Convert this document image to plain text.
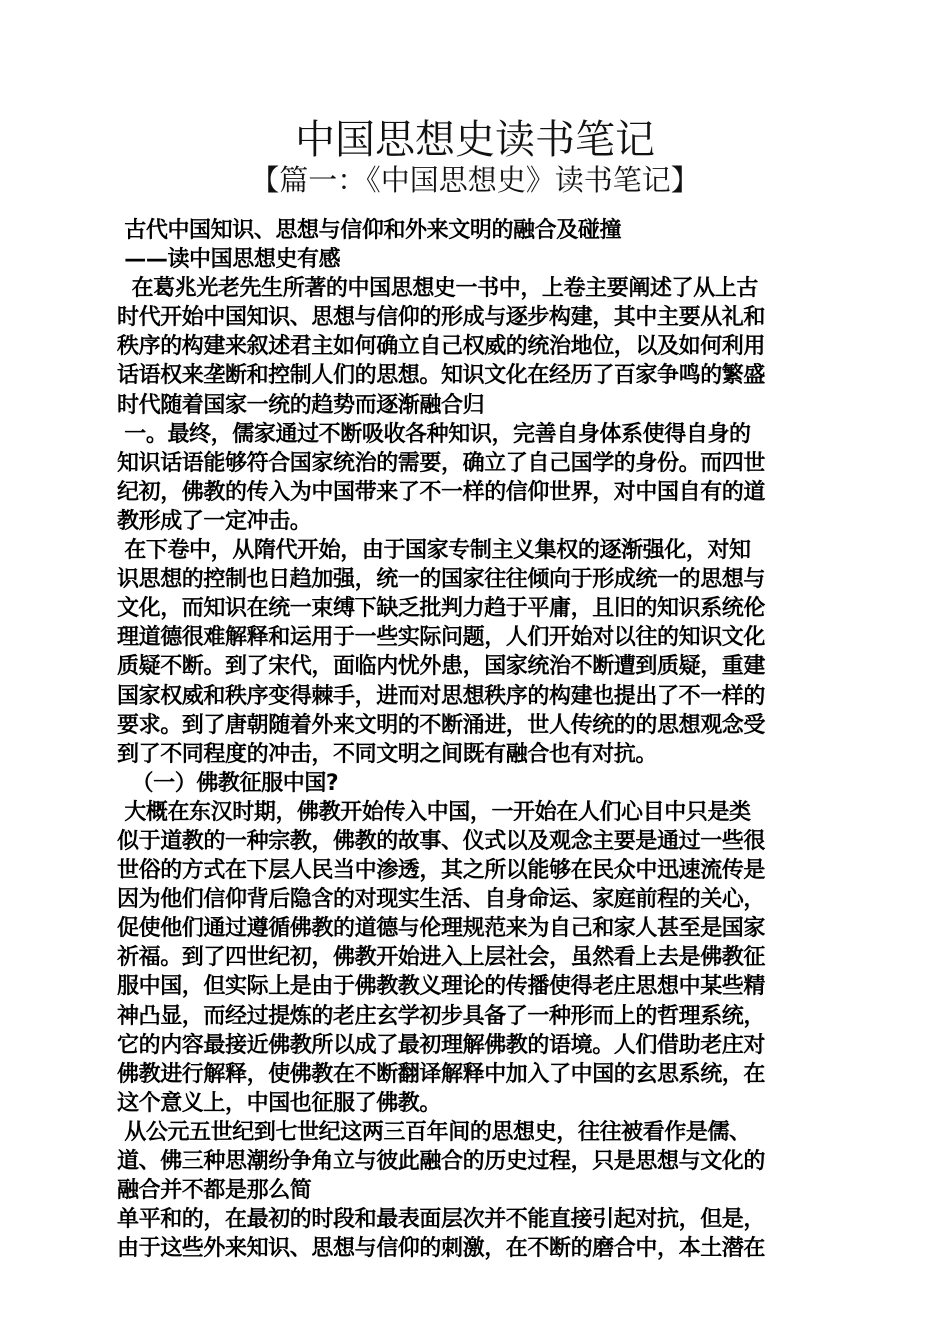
中国思想史读书笔记
【篇一：《中国思想史》读书笔记】
古代中国知识、思想与信仰和外来文明的融合及碰撞
——读中国思想史有感
在葛兆光老先生所著的中国思想史一书中，上卷主要阐述了从上古
时代开始中国知识、思想与信仰的形成与逐步构建，其中主要从礼和
秩序的构建来叙述君主如何确立自己权威的统治地位，以及如何利用
话语权来垄断和控制人们的思想。知识文化在经历了百家争鸣的繁盛
时代随着国家一统的趋势而逐渐融合归
一。最终，儒家通过不断吸收各种知识，完善自身体系使得自身的
知识话语能够符合国家统治的需要，确立了自己国学的身份。而四世
纪初，佛教的传入为中国带来了不一样的信仰世界，对中国自有的道
教形成了一定冲击。
在下卷中，从隋代开始，由于国家专制主义集权的逐渐强化，对知
识思想的控制也日趋加强，统一的国家往往倾向于形成统一的思想与
文化，而知识在统一束缚下缺乏批判力趋于平庸，且旧的知识系统伦
理道德很难解释和运用于一些实际问题，人们开始对以往的知识文化
质疑不断。到了宋代，面临内忧外患，国家统治不断遭到质疑，重建
国家权威和秩序变得棘手，进而对思想秩序的构建也提出了不一样的
要求。到了唐朝随着外来文明的不断涌进，世人传统的的思想观念受
到了不同程度的冲击，不同文明之间既有融合也有对抗。
（一）佛教征服中国?
大概在东汉时期，佛教开始传入中国，一开始在人们心目中只是类
似于道教的一种宗教，佛教的故事、仪式以及观念主要是通过一些很
世俗的方式在下层人民当中渗透，其之所以能够在民众中迅速流传是
因为他们信仰背后隐含的对现实生活、自身命运、家庭前程的关心，
促使他们通过遵循佛教的道德与伦理规范来为自己和家人甚至是国家
祈福。到了四世纪初，佛教开始进入上层社会，虽然看上去是佛教征
服中国，但实际上是由于佛教教义理论的传播使得老庄思想中某些精
神凸显，而经过提炼的老庄玄学初步具备了一种形而上的哲理系统，
它的内容最接近佛教所以成了最初理解佛教的语境。人们借助老庄对
佛教进行解释，使佛教在不断翻译解释中加入了中国的玄思系统，在
这个意义上，中国也征服了佛教。
从公元五世纪到七世纪这两三百年间的思想史，往往被看作是儒、
道、佛三种思潮纷争角立与彼此融合的历史过程，只是思想与文化的
融合并不都是那么简
单平和的，在最初的时段和最表面层次并不能直接引起对抗，但是，
由于这些外来知识、思想与信仰的刺激，在不断的磨合中，本土潜在
